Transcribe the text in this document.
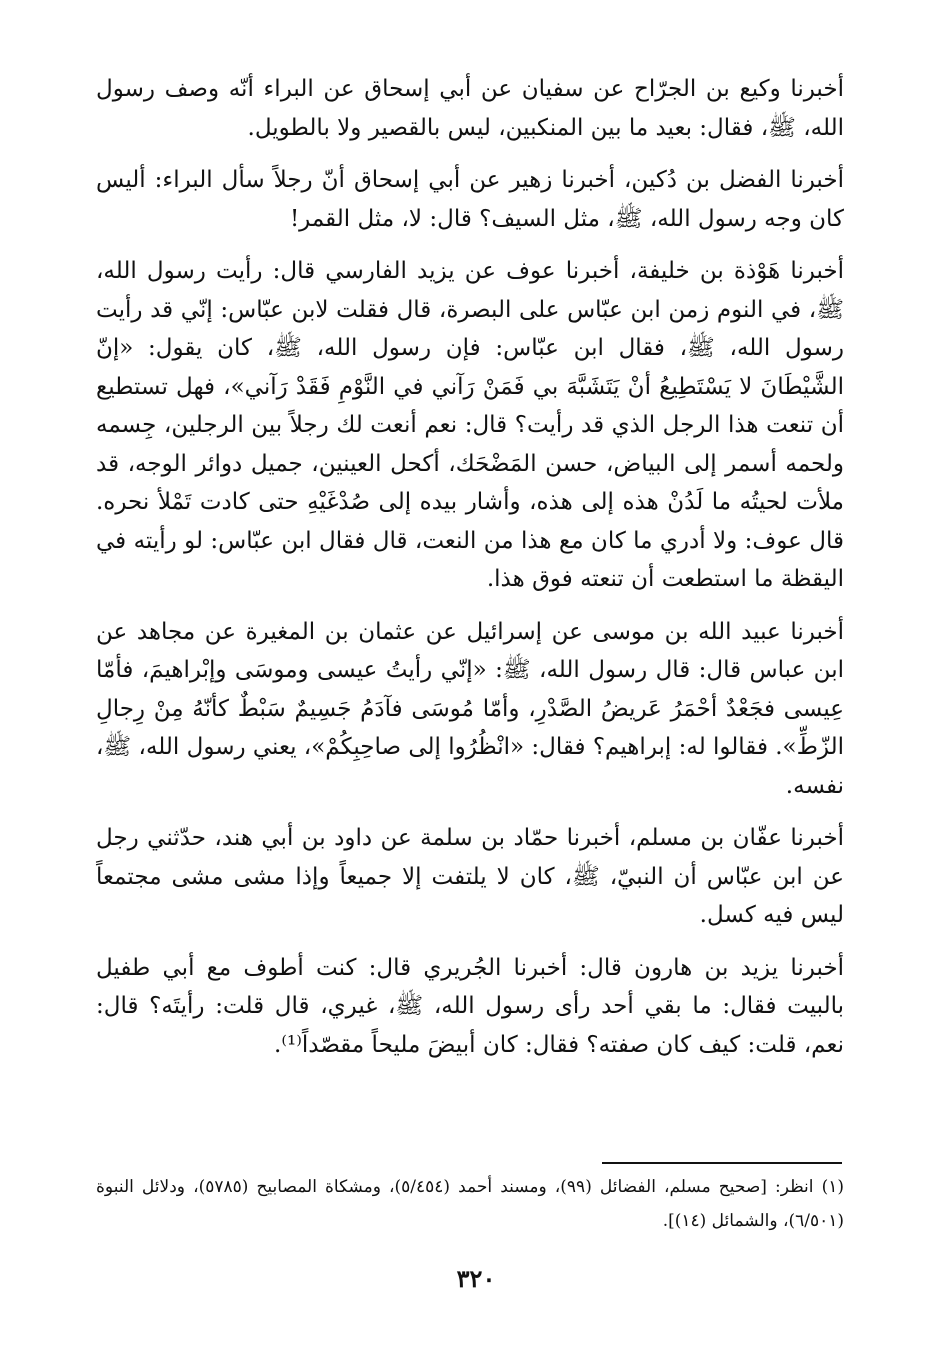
أخبرنا وكيع بن الجرّاح عن سفيان عن أبي إسحاق عن البراء أنّه وصف رسول الله، ﷺ، فقال: بعيد ما بين المنكبين، ليس بالقصير ولا بالطويل.

أخبرنا الفضل بن دُكين، أخبرنا زهير عن أبي إسحاق أنّ رجلاً سأل البراء: أليس كان وجه رسول الله، ﷺ، مثل السيف؟ قال: لا، مثل القمر!

أخبرنا هَوْذة بن خليفة، أخبرنا عوف عن يزيد الفارسي قال: رأيت رسول الله، ﷺ، في النوم زمن ابن عبّاس على البصرة، قال فقلت لابن عبّاس: إنّي قد رأيت رسول الله، ﷺ، فقال ابن عبّاس: فإن رسول الله، ﷺ، كان يقول: «إنّ الشَّيْطَانَ لا يَسْتَطِيعُ أنْ يَتَشَبَّهَ بي فَمَنْ رَآني في النَّوْمِ فَقَدْ رَآني»، فهل تستطيع أن تنعت هذا الرجل الذي قد رأيت؟ قال: نعم أنعت لك رجلاً بين الرجلين، جِسمه ولحمه أسمر إلى البياض، حسن المَضْحَك، أكحل العينين، جميل دوائر الوجه، قد ملأت لحيتُه ما لَدُنْ هذه إلى هذه، وأشار بيده إلى صُدْغَيْهِ حتى كادت تَمْلأ نحره. قال عوف: ولا أدري ما كان مع هذا من النعت، قال فقال ابن عبّاس: لو رأيته في اليقظة ما استطعت أن تنعته فوق هذا.

أخبرنا عبيد الله بن موسى عن إسرائيل عن عثمان بن المغيرة عن مجاهد عن ابن عباس قال: قال رسول الله، ﷺ: «إنّي رأيتُ عيسى وموسَى وإبْراهيمَ، فأمّا عِيسى فجَعْدٌ أحْمَرُ عَريضُ الصَّدْرِ، وأمّا مُوسَى فآدَمُ جَسِيمٌ سَبْطٌ كأنّهُ مِنْ رِجالِ الزّطِّ». فقالوا له: إبراهيم؟ فقال: «انْظُرُوا إلى صاحِبِكُمْ»، يعني رسول الله، ﷺ، نفسه.

أخبرنا عفّان بن مسلم، أخبرنا حمّاد بن سلمة عن داود بن أبي هند، حدّثني رجل عن ابن عبّاس أن النبيّ، ﷺ، كان لا يلتفت إلا جميعاً وإذا مشى مشى مجتمعاً ليس فيه كسل.

أخبرنا يزيد بن هارون قال: أخبرنا الجُريري قال: كنت أطوف مع أبي طفيل بالبيت فقال: ما بقي أحد رأى رسول الله، ﷺ، غيري، قال قلت: رأيتَه؟ قال: نعم، قلت: كيف كان صفته؟ فقال: كان أبيضَ مليحاً مقصّداً⁽¹⁾.

(١) انظر: [صحيح مسلم، الفضائل (٩٩)، ومسند أحمد (٥/٤٥٤)، ومشكاة المصابيح (٥٧٨٥)، ودلائل النبوة (٦/٥٠١)، والشمائل (١٤)].
٣٢٠
